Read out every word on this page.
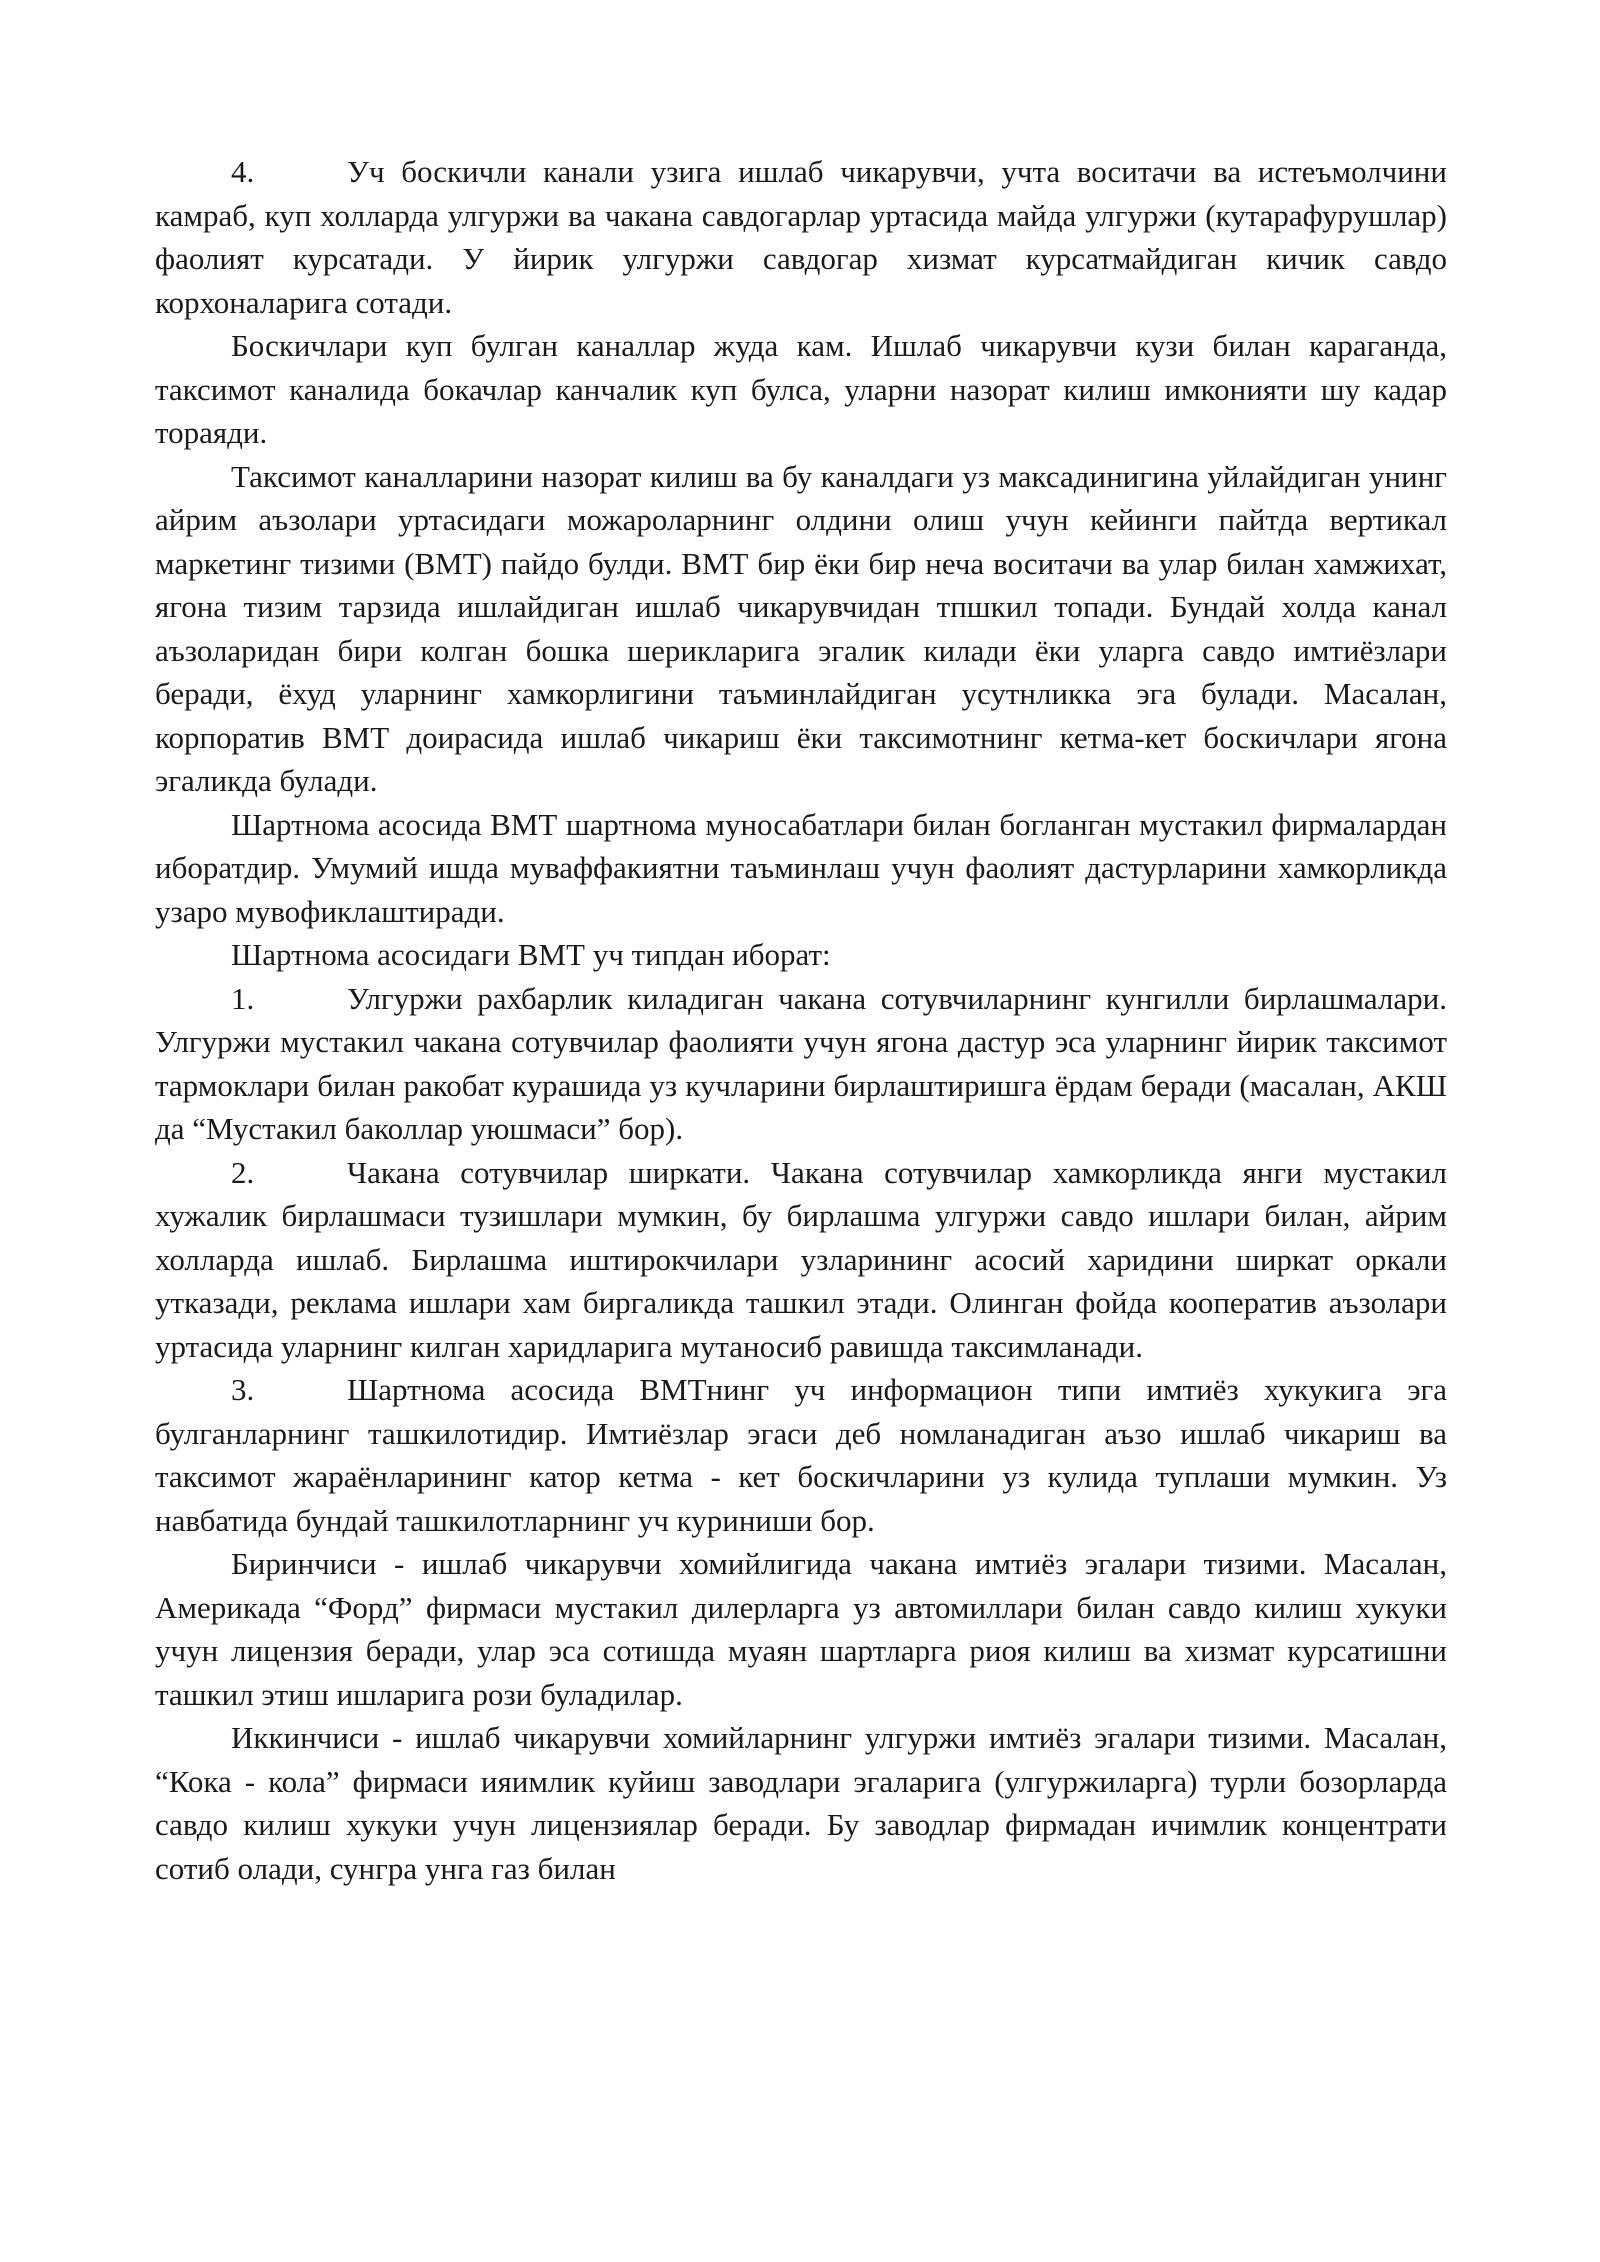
4.	Уч боскичли канали узига ишлаб чикарувчи, учта воситачи ва истеъмолчини камраб, куп холларда улгуржи ва чакана савдогарлар уртасида майда улгуржи (кутарафурушлар) фаолият курсатади. У йирик улгуржи савдогар хизмат курсатмайдиган кичик савдо корхоналарига сотади.

Боскичлари куп булган каналлар жуда кам. Ишлаб чикарувчи кузи билан караганда, таксимот каналида бокачлар канчалик куп булса, уларни назорат килиш имконияти шу кадар тораяди.

Таксимот каналларини назорат килиш ва бу каналдаги уз максадинигина уйлайдиган унинг айрим аъзолари уртасидаги можароларнинг олдини олиш учун кейинги пайтда вертикал маркетинг тизими (ВМТ) пайдо булди. ВМТ бир ёки бир неча воситачи ва улар билан хамжихат, ягона тизим тарзида ишлайдиган ишлаб чикарувчидан тпшкил топади. Бундай холда канал аъзоларидан бири колган бошка шерикларига эгалик килади ёки уларга савдо имтиёзлари беради, ёхуд уларнинг хамкорлигини таъминлайдиган усутнликка эга булади. Масалан, корпоратив ВМТ доирасида ишлаб чикариш ёки таксимотнинг кетма-кет боскичлари ягона эгаликда булади.

Шартнома асосида ВМТ шартнома муносабатлари билан богланган мустакил фирмалардан иборатдир. Умумий ишда муваффакиятни таъминлаш учун фаолият дастурларини хамкорликда узаро мувофиклаштиради.

Шартнома асосидаги ВМТ уч типдан иборат:

1.	Улгуржи рахбарлик киладиган чакана сотувчиларнинг кунгилли бирлашмалари. Улгуржи мустакил чакана сотувчилар фаолияти учун ягона дастур эса уларнинг йирик таксимот тармоклари билан ракобат курашида уз кучларини бирлаштиришга ёрдам беради (масалан, АКШ да “Мустакил баколлар уюшмаси” бор).

2.	Чакана сотувчилар ширкати. Чакана сотувчилар хамкорликда янги мустакил хужалик бирлашмаси тузишлари мумкин, бу бирлашма улгуржи савдо ишлари билан, айрим холларда ишлаб. Бирлашма иштирокчилари узларининг асосий харидини ширкат оркали утказади, реклама ишлари хам биргаликда ташкил этади. Олинган фойда кооператив аъзолари уртасида уларнинг килган харидларига мутаносиб равишда таксимланади.

3.	Шартнома асосида ВМТнинг уч информацион типи имтиёз хукукига эга булганларнинг ташкилотидир. Имтиёзлар эгаси деб номланадиган аъзо ишлаб чикариш ва таксимот жараёнларининг катор кетма - кет боскичларини уз кулида туплаши мумкин. Уз навбатида бундай ташкилотларнинг уч куриниши бор.

Биринчиси - ишлаб чикарувчи хомийлигида чакана имтиёз эгалари тизими. Масалан, Америкада “Форд” фирмаси мустакил дилерларга уз автомиллари билан савдо килиш хукуки учун лицензия беради, улар эса сотишда муаян шартларга риоя килиш ва хизмат курсатишни ташкил этиш ишларига рози буладилар.

Иккинчиси - ишлаб чикарувчи хомийларнинг улгуржи имтиёз эгалари тизими. Масалан, “Кока - кола” фирмаси ияимлик куйиш заводлари эгаларига (улгуржиларга) турли бозорларда савдо килиш хукуки учун лицензиялар беради. Бу заводлар фирмадан ичимлик концентрати сотиб олади, сунгра унга газ билан
